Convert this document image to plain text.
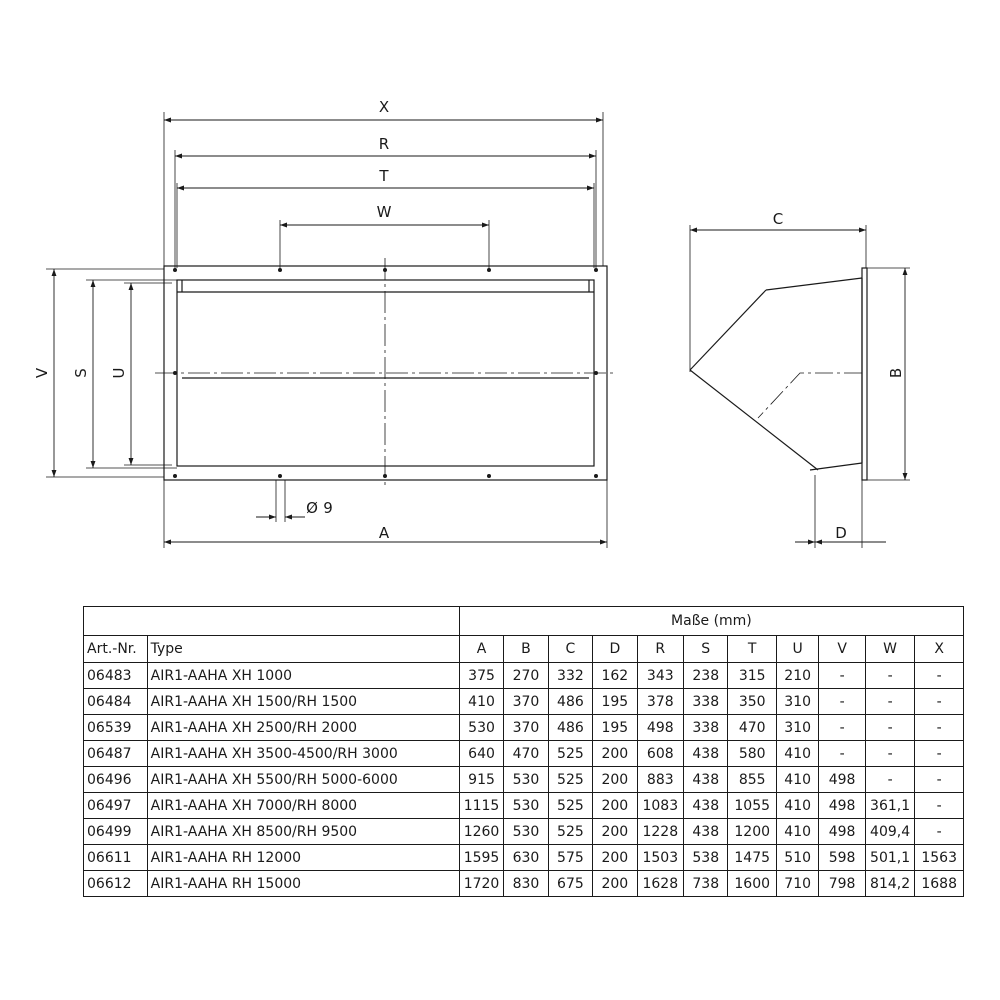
X
R
T
W
V S U
A
Ø 9
C
B
D
		Maße (mm)										
Art.-Nr.	Type	A	B	C	D	R	S	T	U	V	W	X
06483	AIR1-AAHA XH 1000	375	270	332	162	343	238	315	210	-	-	-
06484	AIR1-AAHA XH 1500/RH 1500	410	370	486	195	378	338	350	310	-	-	-
06539	AIR1-AAHA XH 2500/RH 2000	530	370	486	195	498	338	470	310	-	-	-
06487	AIR1-AAHA XH 3500-4500/RH 3000	640	470	525	200	608	438	580	410	-	-	-
06496	AIR1-AAHA XH 5500/RH 5000-6000	915	530	525	200	883	438	855	410	498	-	-
06497	AIR1-AAHA XH 7000/RH 8000	1115	530	525	200	1083	438	1055	410	498	361,1	-
06499	AIR1-AAHA XH 8500/RH 9500	1260	530	525	200	1228	438	1200	410	498	409,4	-
06611	AIR1-AAHA RH 12000	1595	630	575	200	1503	538	1475	510	598	501,1	1563
06612	AIR1-AAHA RH 15000	1720	830	675	200	1628	738	1600	710	798	814,2	1688
